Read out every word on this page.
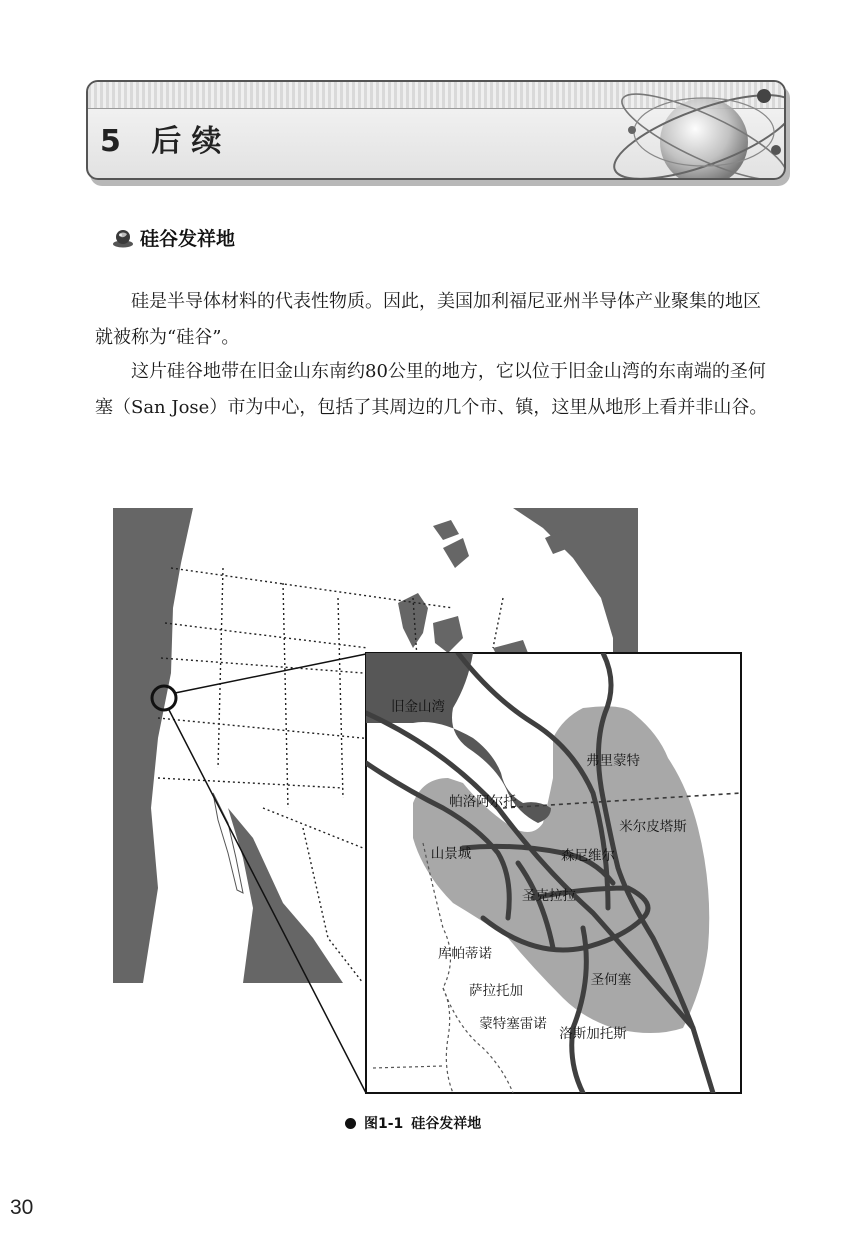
5 后续
硅谷发祥地

硅是半导体材料的代表性物质。因此，美国加利福尼亚州半导体产业聚集的地区就被称为“硅谷”。

这片硅谷地带在旧金山东南约80公里的地方，它以位于旧金山湾的东南端的圣何塞（San Jose）市为中心，包括了其周边的几个市、镇，这里从地形上看并非山谷。

旧金山湾
弗里蒙特
帕洛阿尔托
米尔皮塔斯
山景城	森尼维尔
圣克拉拉
库帕蒂诺
圣何塞
萨拉托加
蒙特塞雷诺
洛斯加托斯
图1-1 硅谷发祥地
30
